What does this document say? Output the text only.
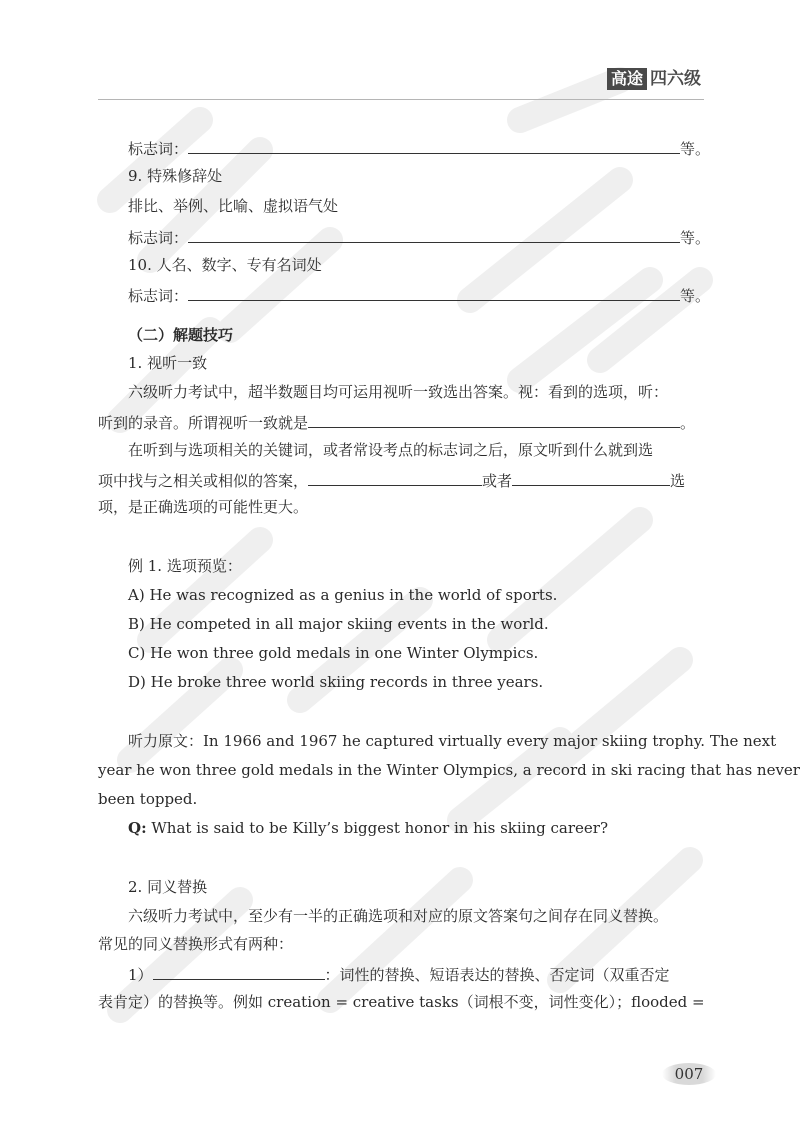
高途 四六级
标志词：	等。
9. 特殊修辞处
排比、举例、比喻、虚拟语气处
标志词：	等。
10. 人名、数字、专有名词处
标志词：	等。
（二）解题技巧
1. 视听一致
六级听力考试中，超半数题目均可运用视听一致选出答案。视：看到的选项，听：
听到的录音。所谓视听一致就是	。
在听到与选项相关的关键词，或者常设考点的标志词之后，原文听到什么就到选
项中找与之相关或相似的答案，	或者	选
项，是正确选项的可能性更大。
例 1. 选项预览：
A) He was recognized as a genius in the world of sports.
B) He competed in all major skiing events in the world.
C) He won three gold medals in one Winter Olympics.
D) He broke three world skiing records in three years.
听力原文：In 1966 and 1967 he captured virtually every major skiing trophy. The next
year he won three gold medals in the Winter Olympics, a record in ski racing that has never
been topped.
Q: What is said to be Killy’s biggest honor in his skiing career?
2. 同义替换
六级听力考试中，至少有一半的正确选项和对应的原文答案句之间存在同义替换。
常见的同义替换形式有两种：
1）	：词性的替换、短语表达的替换、否定词（双重否定
表肯定）的替换等。例如 creation = creative tasks（词根不变，词性变化）；flooded =
007
